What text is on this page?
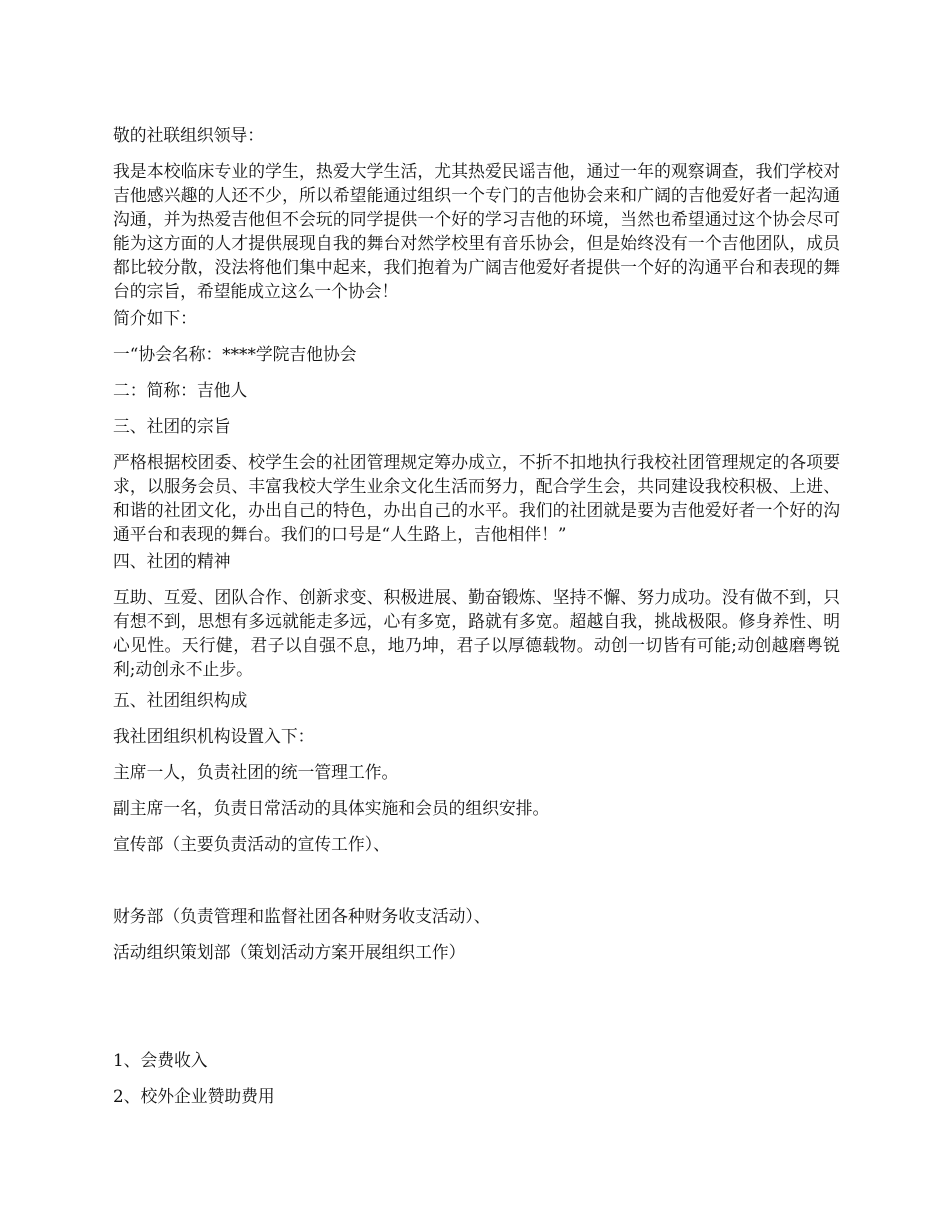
敬的社联组织领导：

我是本校临床专业的学生，热爱大学生活，尤其热爱民谣吉他，通过一年的观察调查，我们学校对吉他感兴趣的人还不少，所以希望能通过组织一个专门的吉他协会来和广阔的吉他爱好者一起沟通沟通，并为热爱吉他但不会玩的同学提供一个好的学习吉他的环境，当然也希望通过这个协会尽可能为这方面的人才提供展现自我的舞台对然学校里有音乐协会，但是始终没有一个吉他团队，成员都比较分散，没法将他们集中起来，我们抱着为广阔吉他爱好者提供一个好的沟通平台和表现的舞台的宗旨，希望能成立这么一个协会！

简介如下：

一“协会名称：****学院吉他协会

二：简称：吉他人

三、社团的宗旨

严格根据校团委、校学生会的社团管理规定筹办成立，不折不扣地执行我校社团管理规定的各项要求，以服务会员、丰富我校大学生业余文化生活而努力，配合学生会，共同建设我校积极、上进、和谐的社团文化，办出自己的特色，办出自己的水平。我们的社团就是要为吉他爱好者一个好的沟通平台和表现的舞台。我们的口号是“人生路上，吉他相伴！”

四、社团的精神

互助、互爱、团队合作、创新求变、积极进展、勤奋锻炼、坚持不懈、努力成功。没有做不到，只有想不到，思想有多远就能走多远，心有多宽，路就有多宽。超越自我，挑战极限。修身养性、明心见性。天行健，君子以自强不息，地乃坤，君子以厚德载物。动创一切皆有可能;动创越磨粤锐利;动创永不止步。

五、社团组织构成

我社团组织机构设置入下：

主席一人，负责社团的统一管理工作。

副主席一名，负责日常活动的具体实施和会员的组织安排。

宣传部（主要负责活动的宣传工作）、

财务部（负责管理和监督社团各种财务收支活动）、

活动组织策划部（策划活动方案开展组织工作）

1、会费收入

2、校外企业赞助费用
